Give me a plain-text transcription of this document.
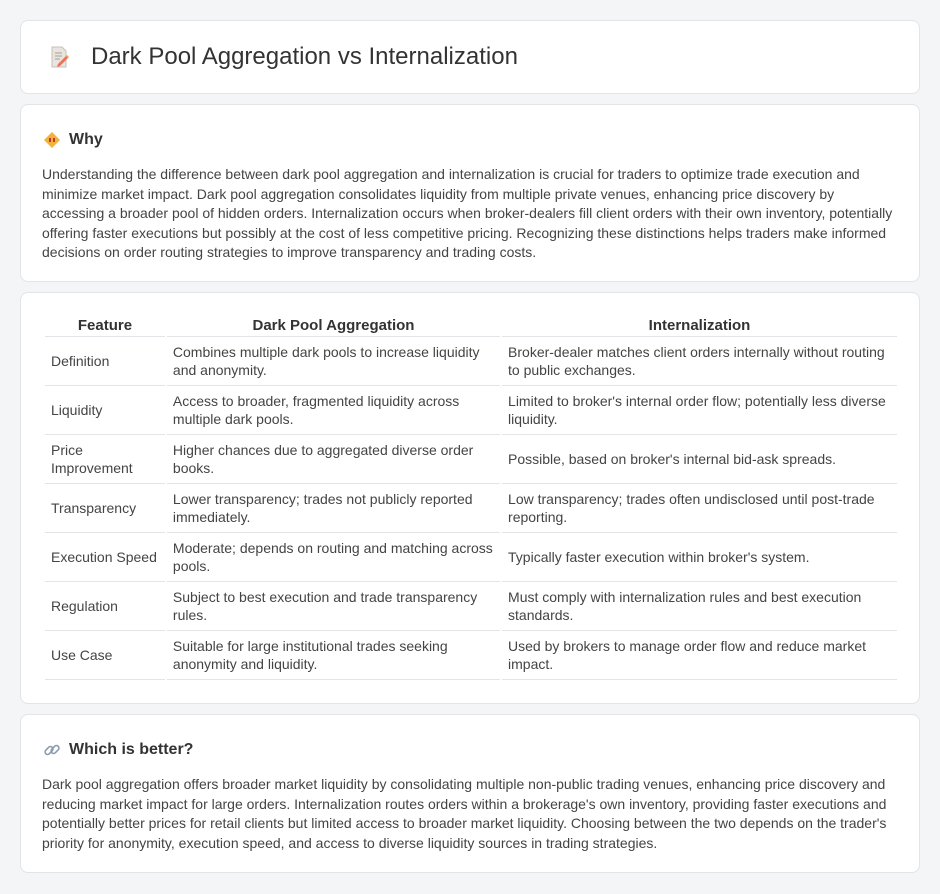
Dark Pool Aggregation vs Internalization
Why

Understanding the difference between dark pool aggregation and internalization is crucial for traders to optimize trade execution and minimize market impact. Dark pool aggregation consolidates liquidity from multiple private venues, enhancing price discovery by accessing a broader pool of hidden orders. Internalization occurs when broker-dealers fill client orders with their own inventory, potentially offering faster executions but possibly at the cost of less competitive pricing. Recognizing these distinctions helps traders make informed decisions on order routing strategies to improve transparency and trading costs.

Feature	Dark Pool Aggregation	Internalization
Definition	Combines multiple dark pools to increase liquidity and anonymity.	Broker-dealer matches client orders internally without routing to public exchanges.
Liquidity	Access to broader, fragmented liquidity across multiple dark pools.	Limited to broker's internal order flow; potentially less diverse liquidity.
Price Improvement	Higher chances due to aggregated diverse order books.	Possible, based on broker's internal bid-ask spreads.
Transparency	Lower transparency; trades not publicly reported immediately.	Low transparency; trades often undisclosed until post-trade reporting.
Execution Speed	Moderate; depends on routing and matching across pools.	Typically faster execution within broker's system.
Regulation	Subject to best execution and trade transparency rules.	Must comply with internalization rules and best execution standards.
Use Case	Suitable for large institutional trades seeking anonymity and liquidity.	Used by brokers to manage order flow and reduce market impact.
Which is better?

Dark pool aggregation offers broader market liquidity by consolidating multiple non-public trading venues, enhancing price discovery and reducing market impact for large orders. Internalization routes orders within a brokerage's own inventory, providing faster executions and potentially better prices for retail clients but limited access to broader market liquidity. Choosing between the two depends on the trader's priority for anonymity, execution speed, and access to diverse liquidity sources in trading strategies.
